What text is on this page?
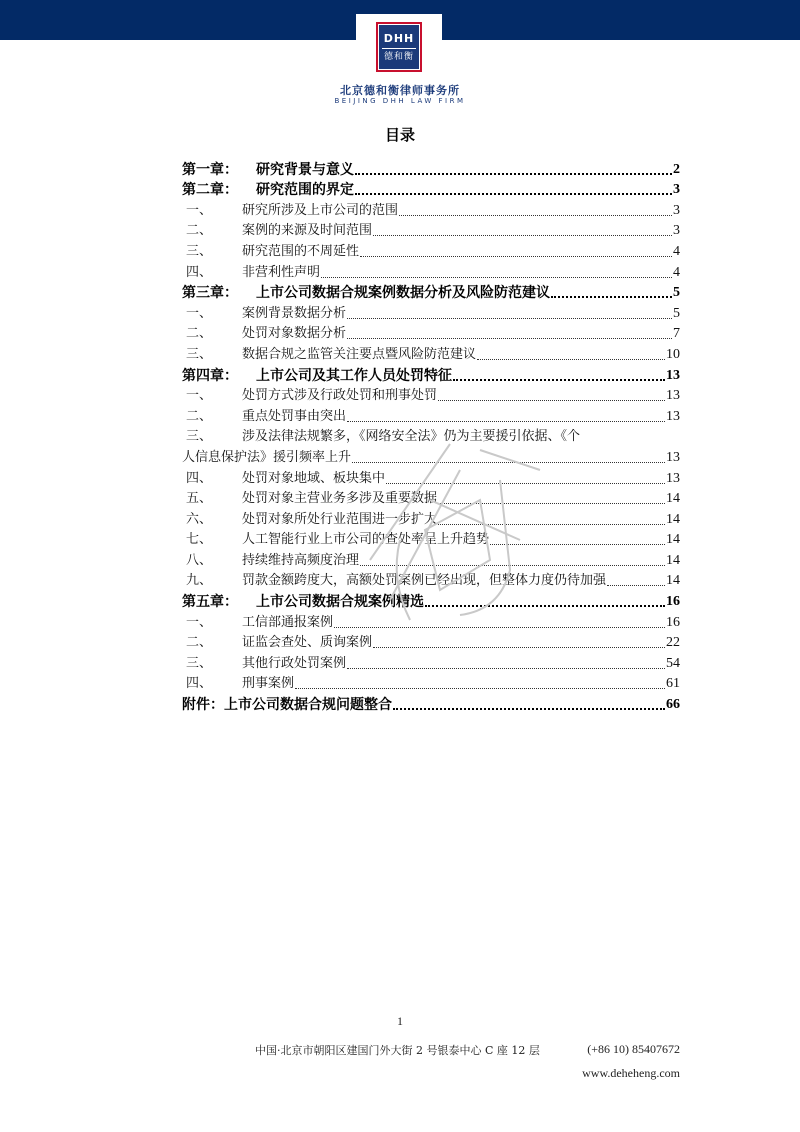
DHH
德和衡
北京德和衡律师事务所
BEIJING DHH LAW FIRM
目录
第一章：	研究背景与意义	2
第二章：	研究范围的界定	3
一、	研究所涉及上市公司的范围	3
二、	案例的来源及时间范围	3
三、	研究范围的不周延性	4
四、	非营利性声明	4
第三章：	上市公司数据合规案例数据分析及风险防范建议	5
一、	案例背景数据分析	5
二、	处罚对象数据分析	7
三、	数据合规之监管关注要点暨风险防范建议	10
第四章：	上市公司及其工作人员处罚特征	13
一、	处罚方式涉及行政处罚和刑事处罚	13
二、	重点处罚事由突出	13
三、	涉及法律法规繁多，《网络安全法》仍为主要援引依据、《个
人信息保护法》援引频率上升	13
四、	处罚对象地域、板块集中	13
五、	处罚对象主营业务多涉及重要数据	14
六、	处罚对象所处行业范围进一步扩大	14
七、	人工智能行业上市公司的查处率呈上升趋势	14
八、	持续维持高频度治理	14
九、	罚款金额跨度大，高额处罚案例已经出现，但整体力度仍待加强	14
第五章：	上市公司数据合规案例精选	16
一、	工信部通报案例	16
二、	证监会查处、质询案例	22
三、	其他行政处罚案例	54
四、	刑事案例	61
附件： 上市公司数据合规问题整合	66
1
中国·北京市朝阳区建国门外大街 2 号银泰中心 C 座 12 层	(+86 10) 85407672
www.deheheng.com
